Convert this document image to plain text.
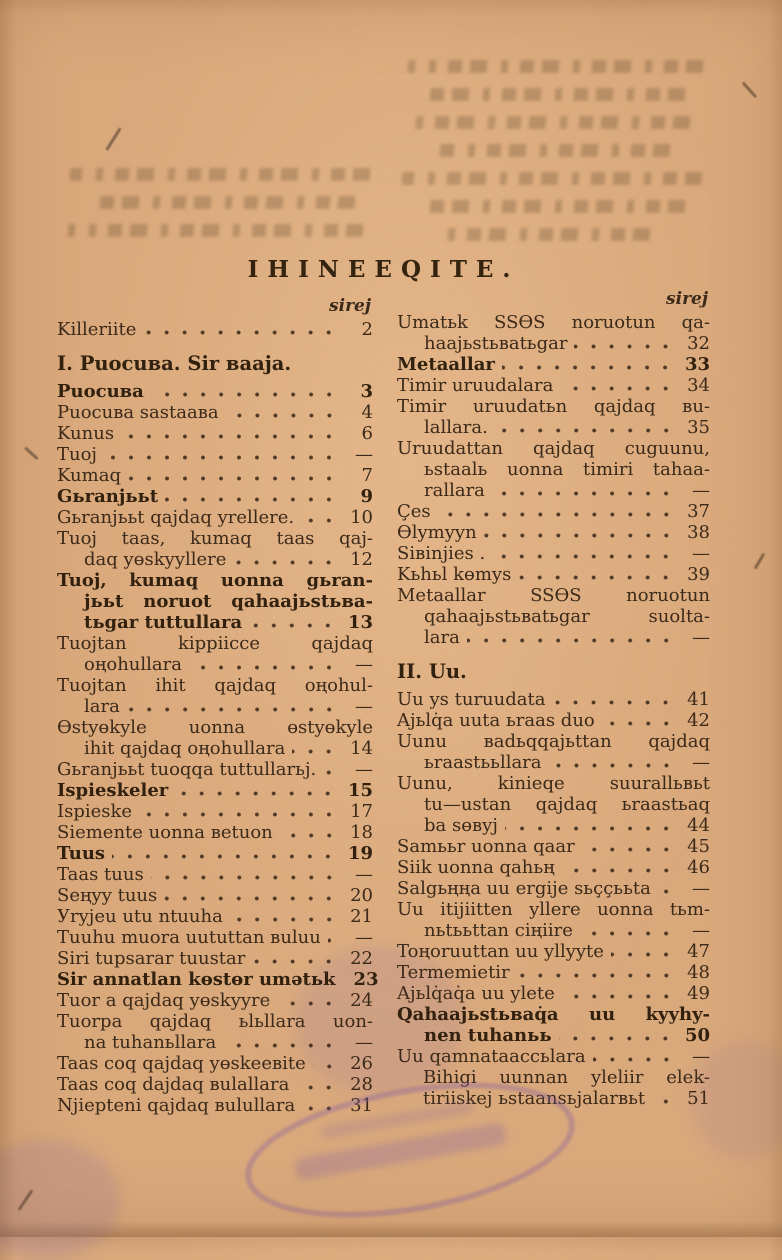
IHINEEQITE.
sirej
Killeriite	2
I. Puocuʙa. Sir ʙaaja.
Puocuʙa	3
Puocuʙa sastaaʙa	4
Kunus	6
Tuoj	—
Kumaq	7
Gьranjььt	9
Gьranjььt qajdaq yrellere.	10
Tuoj taas, kumaq taas qaj-
daq yөskyyllere	12
Tuoj, kumaq uonna gьran-
jььt noruot qahaajьstьʙa-
tьgar tuttullara	13
Tuojtan kippiicce qajdaq
oңohullara	—
Tuojtan ihit qajdaq oңohul-
lara	—
Өstyөkyle uonna өstyөkyle
ihit qajdaq oңohullara	14
Gьranjььt tuoqqa tuttullarьj.	—
Ispieskeler	15
Ispieske	17
Siemente uonna ʙetuon	18
Tuus	19
Taas tuus	—
Seңyy tuus	20
Уryjeu utu ntuuha	21
Tuuhu muora uututtan ʙuluu	—
Siri tupsarar tuustar	22
Sir annatlan kөstөr umətьk 23
Tuor a qajdaq yөskyyre	24
Tuorpa qajdaq ьlьllara uon-
na tuhanьllara	—
Taas coq qajdaq yөskeeʙite 26
Taas coq dajdaq ʙulallara	28
Njiepteni qajdaq ʙulullara	31
sirej
Umatьk SSӨS noruotun qa-
haajьstьʙatьgar	32
Metaallar	33
Timir uruudalara	34
Timir uruudatьn qajdaq ʙu-
lallara.	35
Uruudattan qajdaq cuguunu,
ьstaalь uonna timiri tahaa-
rallara	—
Çes	37
Өlymyyn	38
Siʙinjies .	—
Kьhьl kөmys	39
Metaallar SSӨS noruotun
qahaajьstьʙatьgar suolta-
lara	—
II. Uu.
Uu ys turuudata	41
Ajьlq̇a uuta ьraas duo	42
Uunu ʙadьqqajьttan qajdaq
ьraastььllara	—
Uunu, kinieqe suurallьʙьt
tu—ustan qajdaq ьraastьaq
ba sөʙyj	44
Samььr uonna qaar	45
Siik uonna qahьң	46
Salgьңңa uu ergije sьççььta	—
Uu itijiitten yllere uonna tьm-
nьtььttan ciңiire	—
Toңoruuttan uu yllyyte	47
Termemietir	48
Ajьlq̇aq̇a uu ylete	49
Qahaajьstьʙaq̇a uu kyyhy-
nen tuhanьь	50
Uu qamnataaccьlara	—
Bihigi uunnan yleliir elek-
tiriiskej ьstaansьjalarʙьt 51
